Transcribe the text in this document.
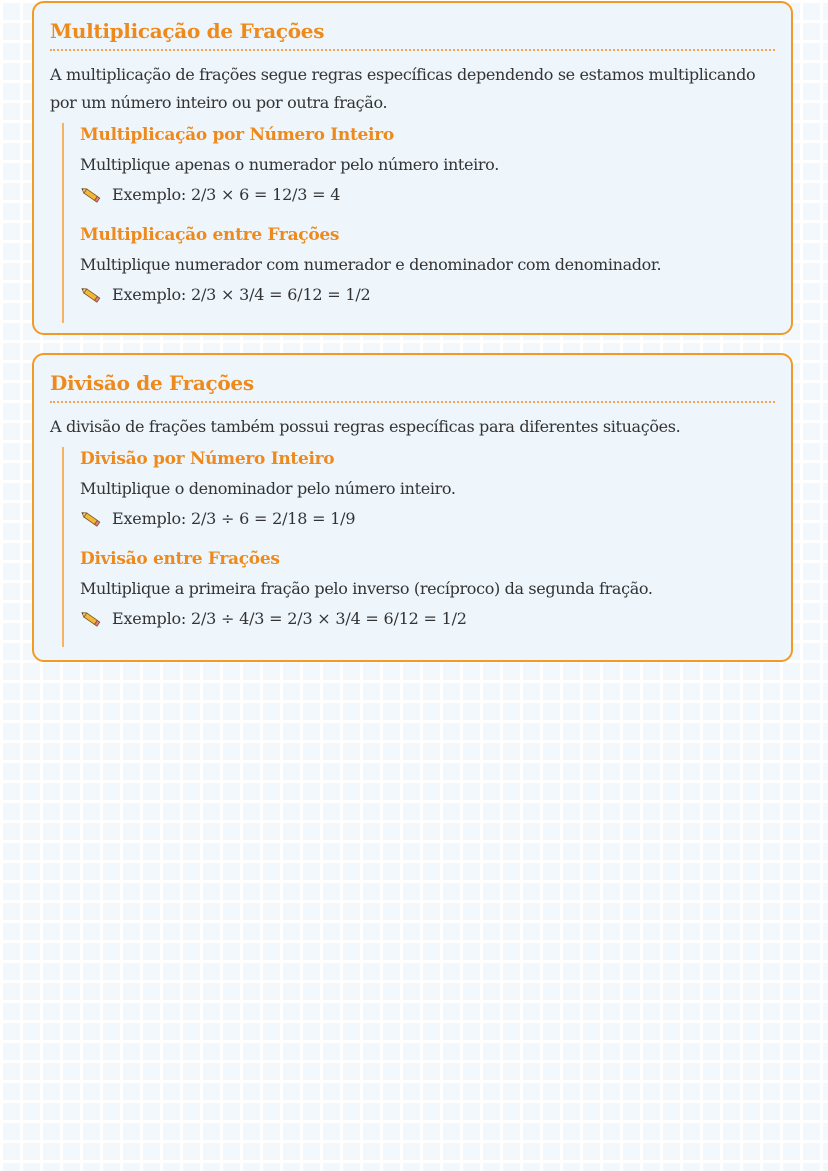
Multiplicação de Frações

A multiplicação de frações segue regras específicas dependendo se estamos multiplicando por um número inteiro ou por outra fração.

Multiplicação por Número Inteiro

Multiplique apenas o numerador pelo número inteiro.

Exemplo: 2/3 × 6 = 12/3 = 4
Multiplicação entre Frações

Multiplique numerador com numerador e denominador com denominador.

Exemplo: 2/3 × 3/4 = 6/12 = 1/2
Divisão de Frações

A divisão de frações também possui regras específicas para diferentes situações.

Divisão por Número Inteiro

Multiplique o denominador pelo número inteiro.

Exemplo: 2/3 ÷ 6 = 2/18 = 1/9
Divisão entre Frações

Multiplique a primeira fração pelo inverso (recíproco) da segunda fração.

Exemplo: 2/3 ÷ 4/3 = 2/3 × 3/4 = 6/12 = 1/2
